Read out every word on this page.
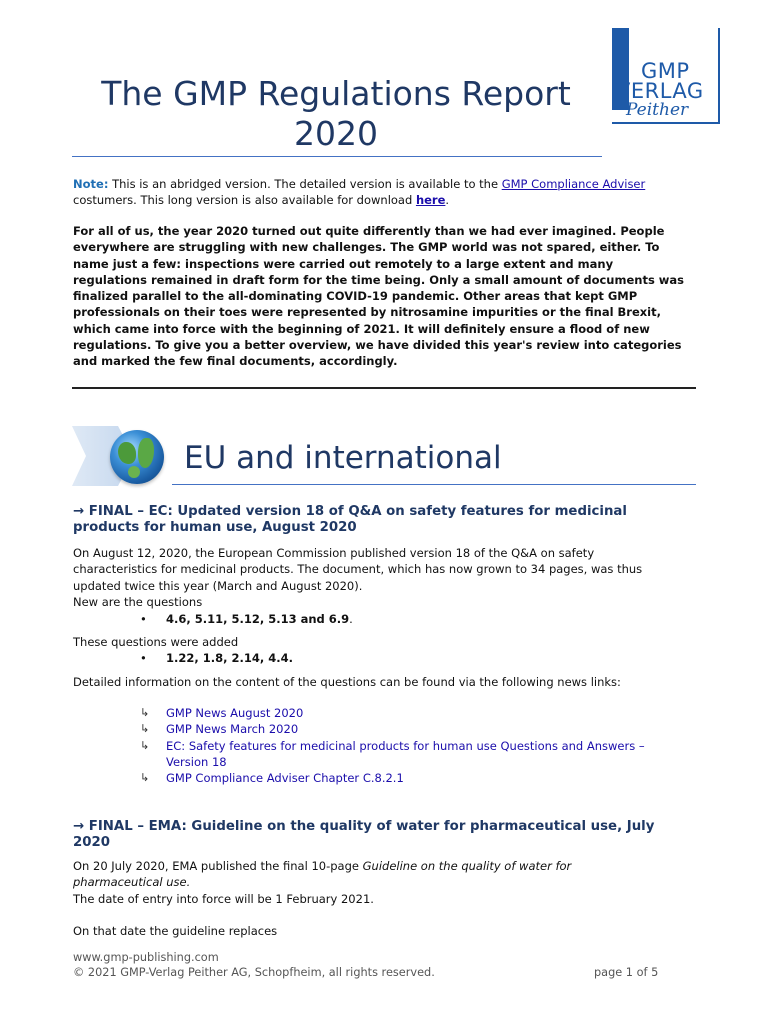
The GMP Regulations Report
2020
GMP
VERLAG
Peither
Note: This is an abridged version. The detailed version is available to the GMP Compliance Adviser
costumers. This long version is also available for download here.
For all of us, the year 2020 turned out quite differently than we had ever imagined. People everywhere are struggling with new challenges. The GMP world was not spared, either. To name just a few: inspections were carried out remotely to a large extent and many regulations remained in draft form for the time being. Only a small amount of documents was finalized parallel to the all-dominating COVID-19 pandemic. Other areas that kept GMP professionals on their toes were represented by nitrosamine impurities or the final Brexit, which came into force with the beginning of 2021. It will definitely ensure a flood of new regulations. To give you a better overview, we have divided this year's review into categories and marked the few final documents, accordingly.
EU and international
→ FINAL – EC: Updated version 18 of Q&A on safety features for medicinal products for human use, August 2020
On August 12, 2020, the European Commission published version 18 of the Q&A on safety characteristics for medicinal products. The document, which has now grown to 34 pages, was thus updated twice this year (March and August 2020).
New are the questions
• 4.6, 5.11, 5.12, 5.13 and 6.9.
These questions were added
• 1.22, 1.8, 2.14, 4.4.
Detailed information on the content of the questions can be found via the following news links:
↳ GMP News August 2020
↳ GMP News March 2020
↳ EC: Safety features for medicinal products for human use Questions and Answers – Version 18
↳ GMP Compliance Adviser Chapter C.8.2.1
→ FINAL – EMA: Guideline on the quality of water for pharmaceutical use, July 2020
On 20 July 2020, EMA published the final 10-page Guideline on the quality of water for pharmaceutical use.
The date of entry into force will be 1 February 2021.
On that date the guideline replaces
www.gmp-publishing.com
© 2021 GMP-Verlag Peither AG, Schopfheim, all rights reserved.	page 1 of 5
